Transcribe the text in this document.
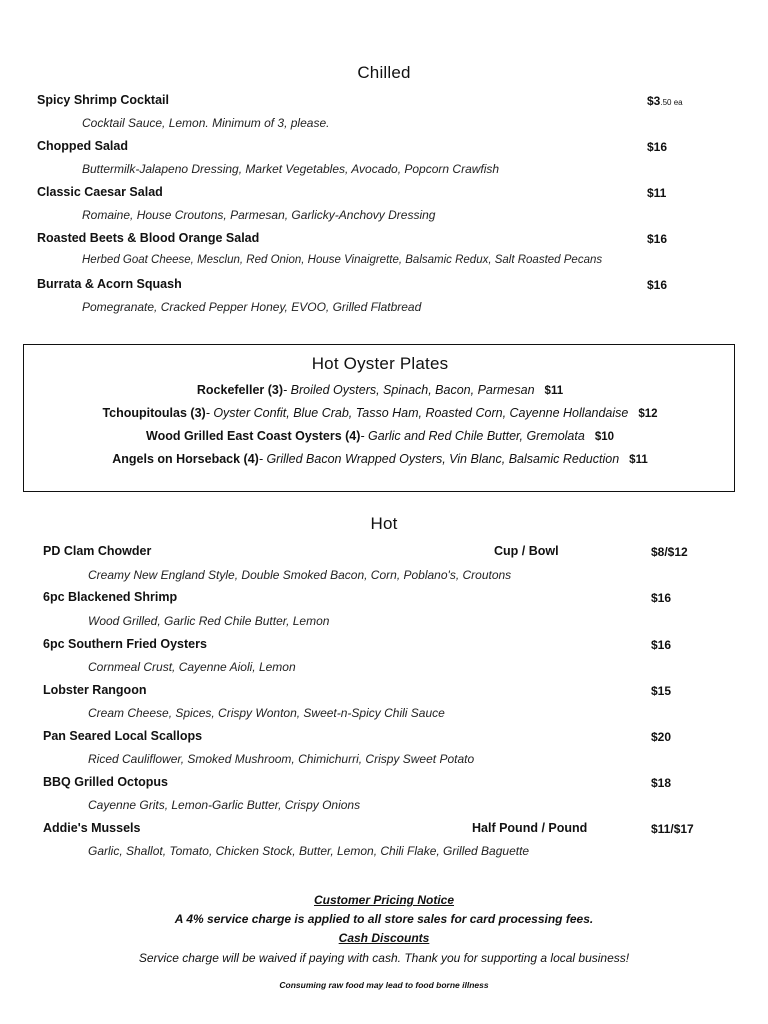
Chilled
Spicy Shrimp Cocktail	$3.50 ea
Cocktail Sauce, Lemon. Minimum of 3, please.
Chopped Salad	$16
Buttermilk-Jalapeno Dressing, Market Vegetables, Avocado, Popcorn Crawfish
Classic Caesar Salad	$11
Romaine, House Croutons, Parmesan, Garlicky-Anchovy Dressing
Roasted Beets & Blood Orange Salad	$16
Herbed Goat Cheese, Mesclun, Red Onion, House Vinaigrette, Balsamic Redux, Salt Roasted Pecans
Burrata & Acorn Squash	$16
Pomegranate, Cracked Pepper Honey, EVOO, Grilled Flatbread
Hot Oyster Plates
Rockefeller (3)- Broiled Oysters, Spinach, Bacon, Parmesan $11
Tchoupitoulas (3)- Oyster Confit, Blue Crab, Tasso Ham, Roasted Corn, Cayenne Hollandaise $12
Wood Grilled East Coast Oysters (4)- Garlic and Red Chile Butter, Gremolata $10
Angels on Horseback (4)- Grilled Bacon Wrapped Oysters, Vin Blanc, Balsamic Reduction $11
Hot
PD Clam Chowder	Cup / Bowl	$8/$12
Creamy New England Style, Double Smoked Bacon, Corn, Poblano's, Croutons
6pc Blackened Shrimp	$16
Wood Grilled, Garlic Red Chile Butter, Lemon
6pc Southern Fried Oysters	$16
Cornmeal Crust, Cayenne Aioli, Lemon
Lobster Rangoon	$15
Cream Cheese, Spices, Crispy Wonton, Sweet-n-Spicy Chili Sauce
Pan Seared Local Scallops	$20
Riced Cauliflower, Smoked Mushroom, Chimichurri, Crispy Sweet Potato
BBQ Grilled Octopus	$18
Cayenne Grits, Lemon-Garlic Butter, Crispy Onions
Addie's Mussels	Half Pound / Pound	$11/$17
Garlic, Shallot, Tomato, Chicken Stock, Butter, Lemon, Chili Flake, Grilled Baguette
Customer Pricing Notice
A 4% service charge is applied to all store sales for card processing fees.
Cash Discounts
Service charge will be waived if paying with cash. Thank you for supporting a local business!
Consuming raw food may lead to food borne illness
